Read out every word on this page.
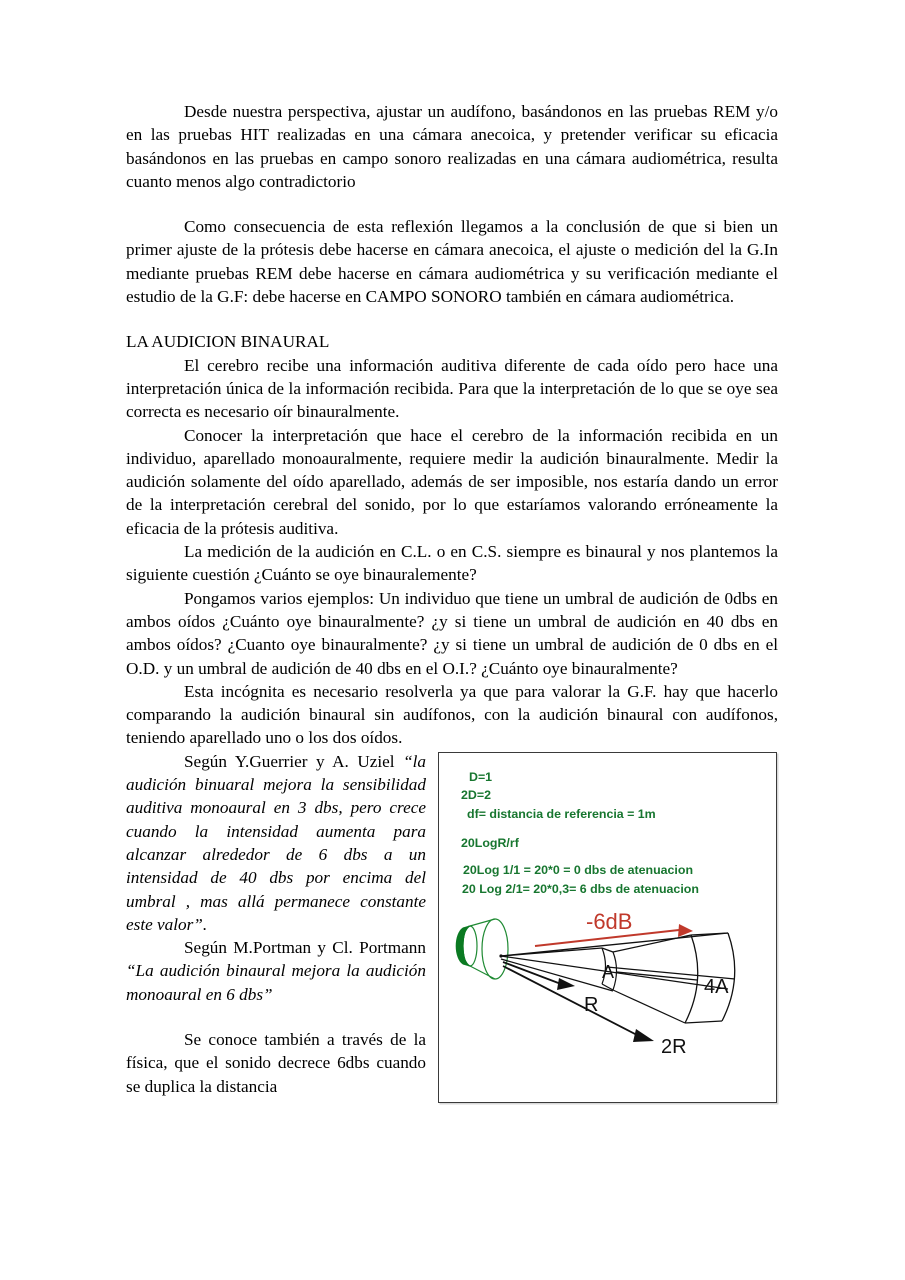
Desde nuestra perspectiva, ajustar un audífono, basándonos en las pruebas REM y/o en las pruebas HIT realizadas en una cámara anecoica, y pretender verificar su eficacia basándonos en las pruebas en campo sonoro realizadas en una cámara audiométrica, resulta cuanto menos algo contradictorio

Como consecuencia de esta reflexión llegamos a la conclusión de que si bien un primer ajuste de la prótesis debe hacerse en cámara anecoica, el ajuste o medición del la G.In mediante pruebas REM debe hacerse en cámara audiométrica y su verificación mediante el estudio de la G.F: debe hacerse en CAMPO SONORO también en cámara audiométrica.

LA AUDICION BINAURAL

El cerebro recibe una información auditiva diferente de cada oído pero hace una interpretación única de la información recibida. Para que la interpretación de lo que se oye sea correcta es necesario oír binauralmente.

Conocer la interpretación que hace el cerebro de la información recibida en un individuo, aparellado monoauralmente, requiere medir la audición binauralmente. Medir la audición solamente del oído aparellado, además de ser imposible, nos estaría dando un error de la interpretación cerebral del sonido, por lo que estaríamos valorando erróneamente la eficacia de la prótesis auditiva.

La medición de la audición en C.L. o en C.S. siempre es binaural y nos plantemos la siguiente cuestión ¿Cuánto se oye binauralemente?

Pongamos varios ejemplos: Un individuo que tiene un umbral de audición de 0dbs en ambos oídos ¿Cuánto oye binauralmente? ¿y si tiene un umbral de audición en 40 dbs en ambos oídos? ¿Cuanto oye binauralmente? ¿y si tiene un umbral de audición de 0 dbs en el O.D. y un umbral de audición de 40 dbs en el O.I.? ¿Cuánto oye binauralmente?

Esta incógnita es necesario resolverla ya que para valorar la G.F. hay que hacerlo comparando la audición binaural sin audífonos, con la audición binaural con audífonos, teniendo aparellado uno o los dos oídos.

D=1
2D=2
df= distancia de referencia = 1m
20LogR/rf
20Log 1/1 = 20*0 = 0 dbs de atenuacion
20 Log 2/1= 20*0,3= 6 dbs de atenuacion
-6dB
A
4A
R
2R

Según Y.Guerrier y A. Uziel “la audición binuaral mejora la sensibilidad auditiva monoaural en 3 dbs, pero crece cuando la intensidad aumenta para alcanzar alrededor de 6 dbs a un intensidad de 40 dbs por encima del umbral , mas allá permanece constante este valor”.

Según M.Portman y Cl. Portmann “La audición binaural mejora la audición monoaural en 6 dbs”

Se conoce también a través de la física, que el sonido decrece 6dbs cuando se duplica la distancia
